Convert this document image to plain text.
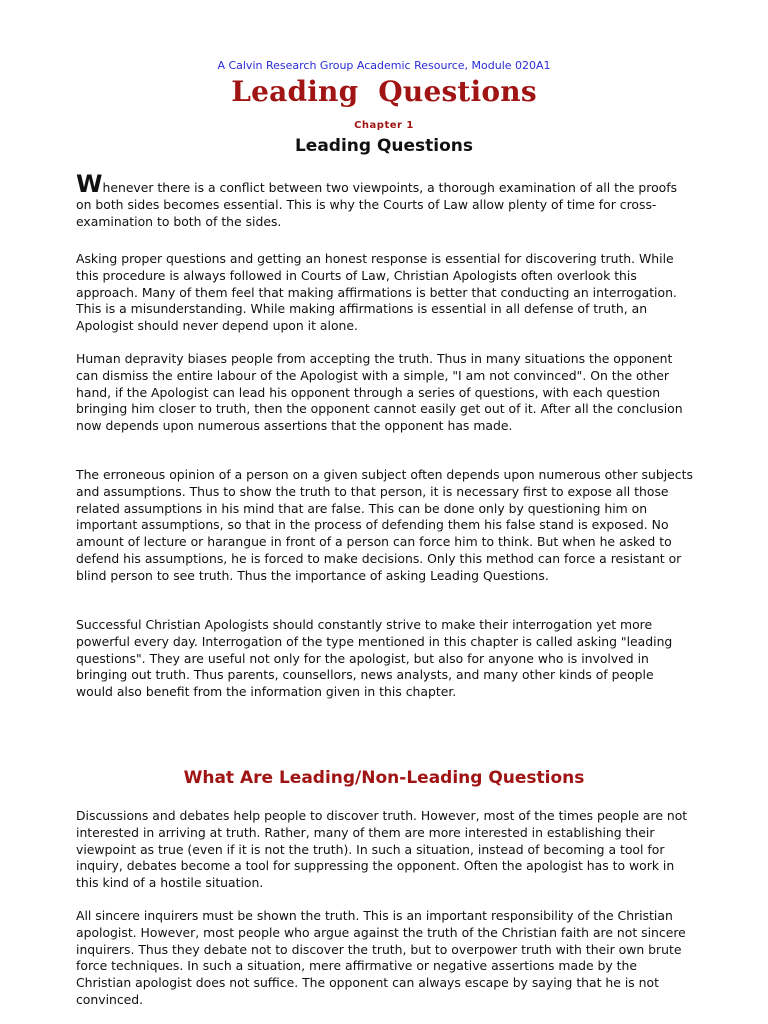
A Calvin Research Group Academic Resource, Module 020A1
Leading  Questions
Chapter 1
Leading Questions

Whenever there is a conflict between two viewpoints, a thorough examination of all the proofs on both sides becomes essential. This is why the Courts of Law allow plenty of time for cross-examination to both of the sides.

Asking proper questions and getting an honest response is essential for discovering truth. While this procedure is always followed in Courts of Law, Christian Apologists often overlook this approach. Many of them feel that making affirmations is better that conducting an interrogation. This is a misunderstanding. While making affirmations is essential in all defense of truth, an Apologist should never depend upon it alone.

Human depravity biases people from accepting the truth. Thus in many situations the opponent can dismiss the entire labour of the Apologist with a simple, "I am not convinced". On the other hand, if the Apologist can lead his opponent through a series of questions, with each question bringing him closer to truth, then the opponent cannot easily get out of it. After all the conclusion now depends upon numerous assertions that the opponent has made.

The erroneous opinion of a person on a given subject often depends upon numerous other subjects and assumptions. Thus to show the truth to that person, it is necessary first to expose all those related assumptions in his mind that are false. This can be done only by questioning him on important assumptions, so that in the process of defending them his false stand is exposed. No amount of lecture or harangue in front of a person can force him to think. But when he asked to defend his assumptions, he is forced to make decisions. Only this method can force a resistant or blind person to see truth. Thus the importance of asking Leading Questions.

Successful Christian Apologists should constantly strive to make their interrogation yet more powerful every day. Interrogation of the type mentioned in this chapter is called asking "leading questions". They are useful not only for the apologist, but also for anyone who is involved in bringing out truth. Thus parents, counsellors, news analysts, and many other kinds of people would also benefit from the information given in this chapter.

What Are Leading/Non-Leading Questions

Discussions and debates help people to discover truth. However, most of the times people are not interested in arriving at truth. Rather, many of them are more interested in establishing their viewpoint as true (even if it is not the truth). In such a situation, instead of becoming a tool for inquiry, debates become a tool for suppressing the opponent. Often the apologist has to work in this kind of a hostile situation.

All sincere inquirers must be shown the truth. This is an important responsibility of the Christian apologist. However, most people who argue against the truth of the Christian faith are not sincere inquirers. Thus they debate not to discover the truth, but to overpower truth with their own brute force techniques. In such a situation, mere affirmative or negative assertions made by the Christian apologist does not suffice. The opponent can always escape by saying that he is not convinced.
